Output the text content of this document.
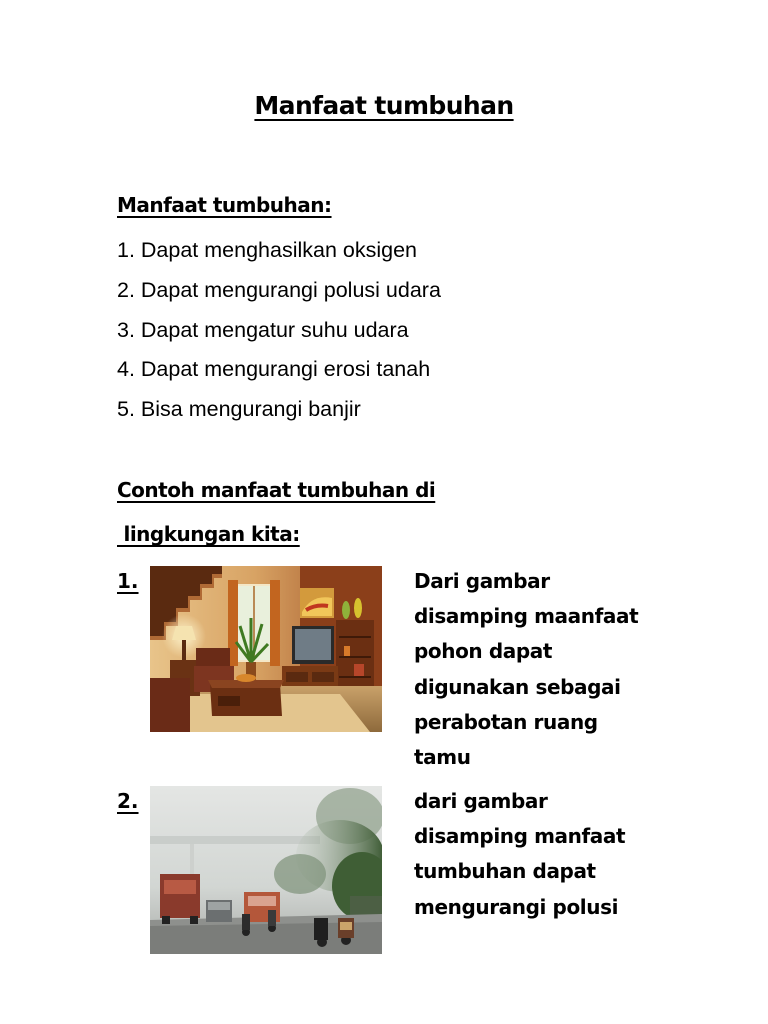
Manfaat tumbuhan
Manfaat tumbuhan:
1. Dapat menghasilkan oksigen
2. Dapat mengurangi polusi udara
3. Dapat mengatur suhu udara
4. Dapat mengurangi erosi tanah
5. Bisa mengurangi banjir
Contoh manfaat tumbuhan di
lingkungan kita:
1.	Dari gambar
disamping maanfaat
pohon dapat
digunakan sebagai
perabotan ruang
tamu
2.	dari gambar
disamping manfaat
tumbuhan dapat
mengurangi polusi
